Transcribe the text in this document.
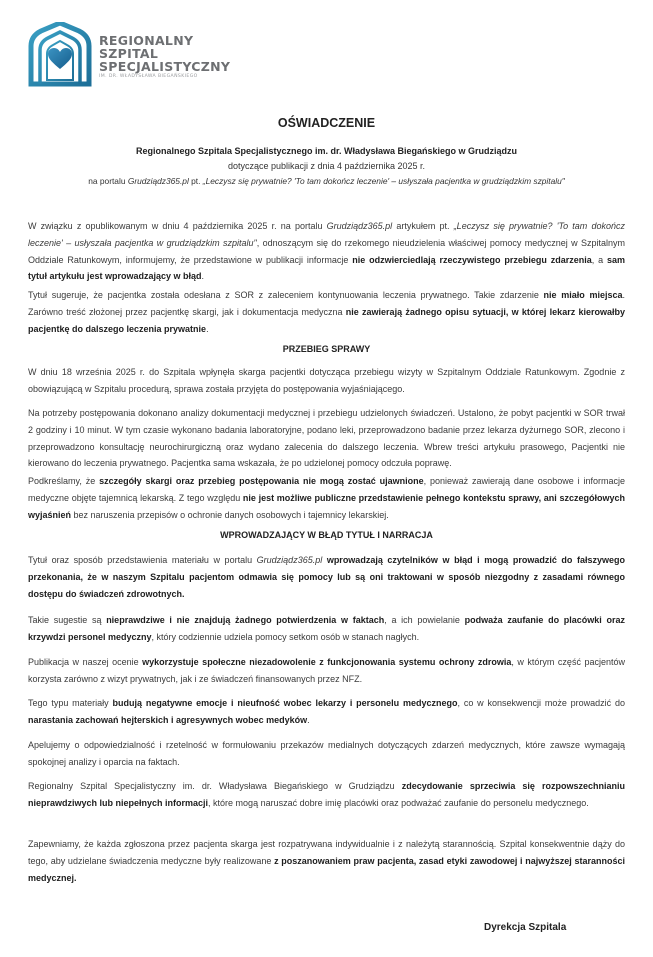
REGIONALNY
SZPITAL
SPECJALISTYCZNY
IM. DR. WŁADYSŁAWA BIEGAŃSKIEGO
OŚWIADCZENIE
Regionalnego Szpitala Specjalistycznego im. dr. Władysława Biegańskiego w Grudziądzu
dotyczące publikacji z dnia 4 października 2025 r.
na portalu Grudziądz365.pl pt. „Leczysz się prywatnie? 'To tam dokończ leczenie' – usłyszała pacjentka w grudziądzkim szpitalu"
W związku z opublikowanym w dniu 4 października 2025 r. na portalu Grudziądz365.pl artykułem pt. „Leczysz się prywatnie? 'To tam dokończ leczenie' – usłyszała pacjentka w grudziądzkim szpitalu", odnoszącym się do rzekomego nieudzielenia właściwej pomocy medycznej w Szpitalnym Oddziale Ratunkowym, informujemy, że przedstawione w publikacji informacje nie odzwierciedlają rzeczywistego przebiegu zdarzenia, a sam tytuł artykułu jest wprowadzający w błąd.
Tytuł sugeruje, że pacjentka została odesłana z SOR z zaleceniem kontynuowania leczenia prywatnego. Takie zdarzenie nie miało miejsca. Zarówno treść złożonej przez pacjentkę skargi, jak i dokumentacja medyczna nie zawierają żadnego opisu sytuacji, w której lekarz kierowałby pacjentkę do dalszego leczenia prywatnie.
PRZEBIEG SPRAWY
W dniu 18 września 2025 r. do Szpitala wpłynęła skarga pacjentki dotycząca przebiegu wizyty w Szpitalnym Oddziale Ratunkowym. Zgodnie z obowiązującą w Szpitalu procedurą, sprawa została przyjęta do postępowania wyjaśniającego.
Na potrzeby postępowania dokonano analizy dokumentacji medycznej i przebiegu udzielonych świadczeń. Ustalono, że pobyt pacjentki w SOR trwał 2 godziny i 10 minut. W tym czasie wykonano badania laboratoryjne, podano leki, przeprowadzono badanie przez lekarza dyżurnego SOR, zlecono i przeprowadzono konsultację neurochirurgiczną oraz wydano zalecenia do dalszego leczenia. Wbrew treści artykułu prasowego, Pacjentki nie kierowano do leczenia prywatnego. Pacjentka sama wskazała, że po udzielonej pomocy odczuła poprawę.
Podkreślamy, że szczegóły skargi oraz przebieg postępowania nie mogą zostać ujawnione, ponieważ zawierają dane osobowe i informacje medyczne objęte tajemnicą lekarską. Z tego względu nie jest możliwe publiczne przedstawienie pełnego kontekstu sprawy, ani szczegółowych wyjaśnień bez naruszenia przepisów o ochronie danych osobowych i tajemnicy lekarskiej.
WPROWADZAJĄCY W BŁĄD TYTUŁ I NARRACJA
Tytuł oraz sposób przedstawienia materiału w portalu Grudziądz365.pl wprowadzają czytelników w błąd i mogą prowadzić do fałszywego przekonania, że w naszym Szpitalu pacjentom odmawia się pomocy lub są oni traktowani w sposób niezgodny z zasadami równego dostępu do świadczeń zdrowotnych.
Takie sugestie są nieprawdziwe i nie znajdują żadnego potwierdzenia w faktach, a ich powielanie podważa zaufanie do placówki oraz krzywdzi personel medyczny, który codziennie udziela pomocy setkom osób w stanach nagłych.
Publikacja w naszej ocenie wykorzystuje społeczne niezadowolenie z funkcjonowania systemu ochrony zdrowia, w którym część pacjentów korzysta zarówno z wizyt prywatnych, jak i ze świadczeń finansowanych przez NFZ.
Tego typu materiały budują negatywne emocje i nieufność wobec lekarzy i personelu medycznego, co w konsekwencji może prowadzić do narastania zachowań hejterskich i agresywnych wobec medyków.
Apelujemy o odpowiedzialność i rzetelność w formułowaniu przekazów medialnych dotyczących zdarzeń medycznych, które zawsze wymagają spokojnej analizy i oparcia na faktach.
Regionalny Szpital Specjalistyczny im. dr. Władysława Biegańskiego w Grudziądzu zdecydowanie sprzeciwia się rozpowszechnianiu nieprawdziwych lub niepełnych informacji, które mogą naruszać dobre imię placówki oraz podważać zaufanie do personelu medycznego.
Zapewniamy, że każda zgłoszona przez pacjenta skarga jest rozpatrywana indywidualnie i z należytą starannością. Szpital konsekwentnie dąży do tego, aby udzielane świadczenia medyczne były realizowane z poszanowaniem praw pacjenta, zasad etyki zawodowej i najwyższej staranności medycznej.
Dyrekcja Szpitala
